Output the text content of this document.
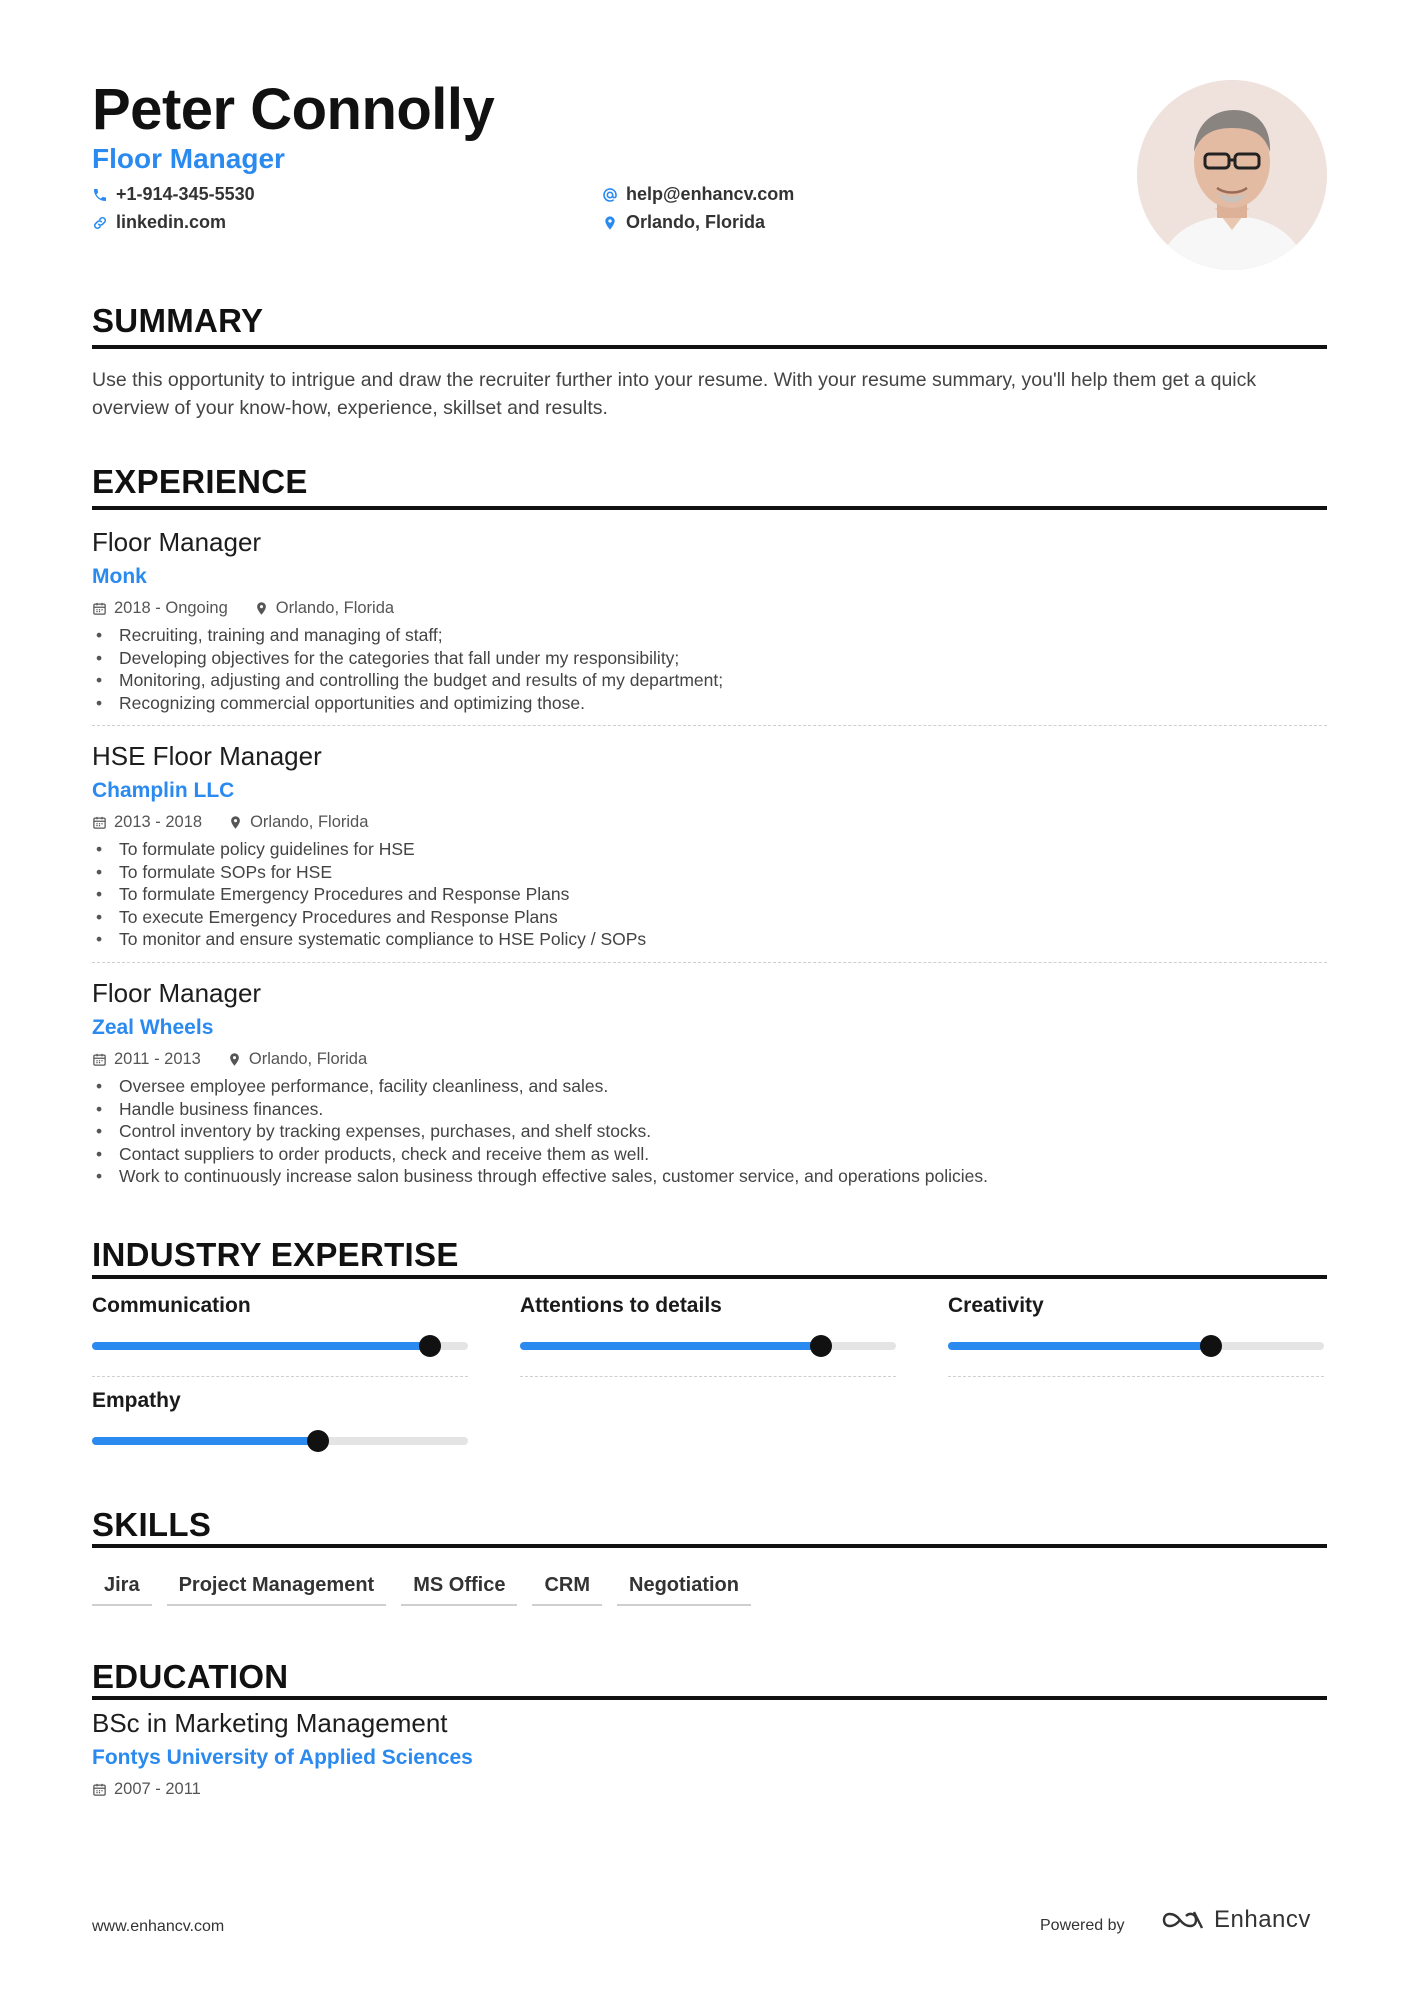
Peter Connolly
Floor Manager
+1-914-345-5530	help@enhancv.com
linkedin.com	Orlando, Florida
SUMMARY
Use this opportunity to intrigue and draw the recruiter further into your resume. With your resume summary, you'll help them get a quick overview of your know-how, experience, skillset and results.
EXPERIENCE
Floor Manager
Monk
2018 - Ongoing	Orlando, Florida
• Recruiting, training and managing of staff;
• Developing objectives for the categories that fall under my responsibility;
• Monitoring, adjusting and controlling the budget and results of my department;
• Recognizing commercial opportunities and optimizing those.
HSE Floor Manager
Champlin LLC
2013 - 2018	Orlando, Florida
• To formulate policy guidelines for HSE
• To formulate SOPs for HSE
• To formulate Emergency Procedures and Response Plans
• To execute Emergency Procedures and Response Plans
• To monitor and ensure systematic compliance to HSE Policy / SOPs
Floor Manager
Zeal Wheels
2011 - 2013	Orlando, Florida
• Oversee employee performance, facility cleanliness, and sales.
• Handle business finances.
• Control inventory by tracking expenses, purchases, and shelf stocks.
• Contact suppliers to order products, check and receive them as well.
• Work to continuously increase salon business through effective sales, customer service, and operations policies.
INDUSTRY EXPERTISE
Communication	Attentions to details	Creativity
Empathy
SKILLS
Jira	Project Management	MS Office	CRM	Negotiation
EDUCATION
BSc in Marketing Management
Fontys University of Applied Sciences
2007 - 2011
www.enhancv.com	Powered by	Enhancv
